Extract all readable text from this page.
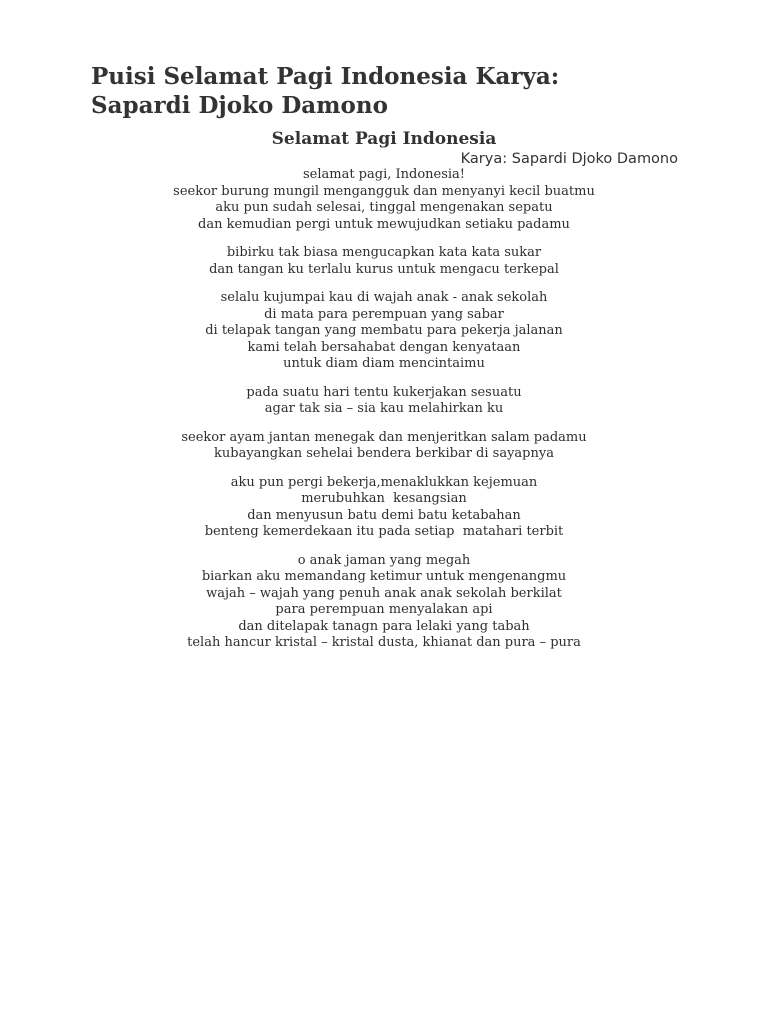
Puisi Selamat Pagi Indonesia Karya:
Sapardi Djoko Damono
Selamat Pagi Indonesia
Karya: Sapardi Djoko Damono
selamat pagi, Indonesia!
seekor burung mungil mengangguk dan menyanyi kecil buatmu
aku pun sudah selesai, tinggal mengenakan sepatu
dan kemudian pergi untuk mewujudkan setiaku padamu
bibirku tak biasa mengucapkan kata kata sukar
dan tangan ku terlalu kurus untuk mengacu terkepal
selalu kujumpai kau di wajah anak - anak sekolah
di mata para perempuan yang sabar
di telapak tangan yang membatu para pekerja jalanan
kami telah bersahabat dengan kenyataan
untuk diam diam mencintaimu
pada suatu hari tentu kukerjakan sesuatu
agar tak sia – sia kau melahirkan ku
seekor ayam jantan menegak dan menjeritkan salam padamu
kubayangkan sehelai bendera berkibar di sayapnya
aku pun pergi bekerja,menaklukkan kejemuan
merubuhkan  kesangsian
dan menyusun batu demi batu ketabahan
benteng kemerdekaan itu pada setiap  matahari terbit
o anak jaman yang megah
biarkan aku memandang ketimur untuk mengenangmu
wajah – wajah yang penuh anak anak sekolah berkilat
para perempuan menyalakan api
dan ditelapak tanagn para lelaki yang tabah
telah hancur kristal – kristal dusta, khianat dan pura – pura
